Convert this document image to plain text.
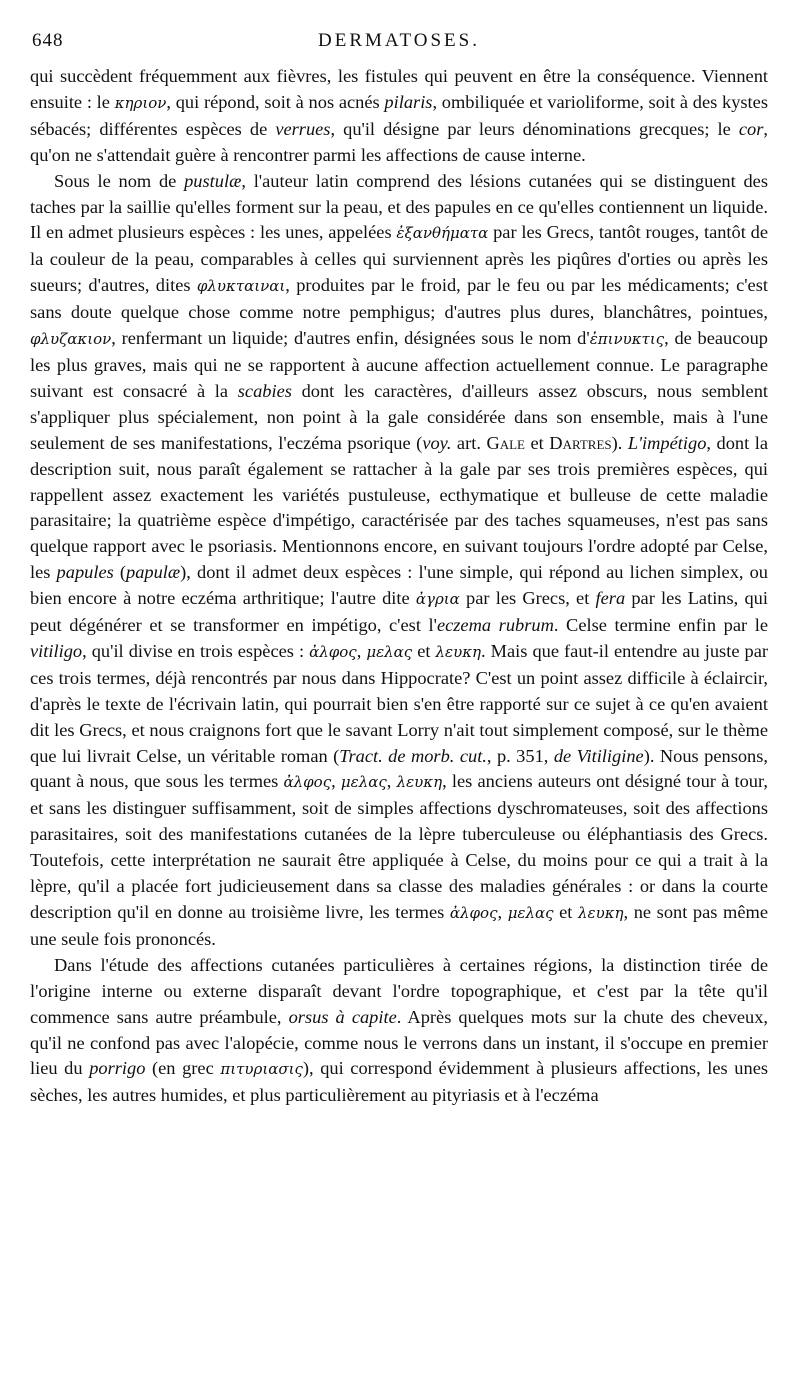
648	DERMATOSES.

qui succèdent fréquemment aux fièvres, les fistules qui peuvent en être la conséquence. Viennent ensuite : le κηριον, qui répond, soit à nos acnés pilaris, ombiliquée et varioliforme, soit à des kystes sébacés; différentes espèces de verrues, qu'il désigne par leurs dénominations grecques; le cor, qu'on ne s'attendait guère à rencontrer parmi les affections de cause interne.

Sous le nom de pustulæ, l'auteur latin comprend des lésions cutanées qui se distinguent des taches par la saillie qu'elles forment sur la peau, et des papules en ce qu'elles contiennent un liquide. Il en admet plusieurs espèces : les unes, appelées ἐξανθήματα par les Grecs, tantôt rouges, tantôt de la couleur de la peau, comparables à celles qui surviennent après les piqûres d'orties ou après les sueurs; d'autres, dites φλυκταιναι, produites par le froid, par le feu ou par les médicaments; c'est sans doute quelque chose comme notre pemphigus; d'autres plus dures, blanchâtres, pointues, φλυζακιον, renfermant un liquide; d'autres enfin, désignées sous le nom d'ἐπινυκτις, de beaucoup les plus graves, mais qui ne se rapportent à aucune affection actuellement connue. Le paragraphe suivant est consacré à la scabies dont les caractères, d'ailleurs assez obscurs, nous semblent s'appliquer plus spécialement, non point à la gale considérée dans son ensemble, mais à l'une seulement de ses manifestations, l'eczéma psorique (voy. art. Gale et Dartres). L'impétigo, dont la description suit, nous paraît également se rattacher à la gale par ses trois premières espèces, qui rappellent assez exactement les variétés pustuleuse, ecthymatique et bulleuse de cette maladie parasitaire; la quatrième espèce d'impétigo, caractérisée par des taches squameuses, n'est pas sans quelque rapport avec le psoriasis. Mentionnons encore, en suivant toujours l'ordre adopté par Celse, les papules (papulæ), dont il admet deux espèces : l'une simple, qui répond au lichen simplex, ou bien encore à notre eczéma arthritique; l'autre dite ἀγρια par les Grecs, et fera par les Latins, qui peut dégénérer et se transformer en impétigo, c'est l'eczema rubrum. Celse termine enfin par le vitiligo, qu'il divise en trois espèces : ἀλφος, μελας et λευκη. Mais que faut-il entendre au juste par ces trois termes, déjà rencontrés par nous dans Hippocrate? C'est un point assez difficile à éclaircir, d'après le texte de l'écrivain latin, qui pourrait bien s'en être rapporté sur ce sujet à ce qu'en avaient dit les Grecs, et nous craignons fort que le savant Lorry n'ait tout simplement composé, sur le thème que lui livrait Celse, un véritable roman (Tract. de morb. cut., p. 351, de Vitiligine). Nous pensons, quant à nous, que sous les termes ἀλφος, μελας, λευκη, les anciens auteurs ont désigné tour à tour, et sans les distinguer suffisamment, soit de simples affections dyschromateuses, soit des affections parasitaires, soit des manifestations cutanées de la lèpre tuberculeuse ou éléphantiasis des Grecs. Toutefois, cette interprétation ne saurait être appliquée à Celse, du moins pour ce qui a trait à la lèpre, qu'il a placée fort judicieusement dans sa classe des maladies générales : or dans la courte description qu'il en donne au troisième livre, les termes ἀλφος, μελας et λευκη, ne sont pas même une seule fois prononcés.

Dans l'étude des affections cutanées particulières à certaines régions, la distinction tirée de l'origine interne ou externe disparaît devant l'ordre topographique, et c'est par la tête qu'il commence sans autre préambule, orsus à capite. Après quelques mots sur la chute des cheveux, qu'il ne confond pas avec l'alopécie, comme nous le verrons dans un instant, il s'occupe en premier lieu du porrigo (en grec πιτυριασις), qui correspond évidemment à plusieurs affections, les unes sèches, les autres humides, et plus particulièrement au pityriasis et à l'eczéma
